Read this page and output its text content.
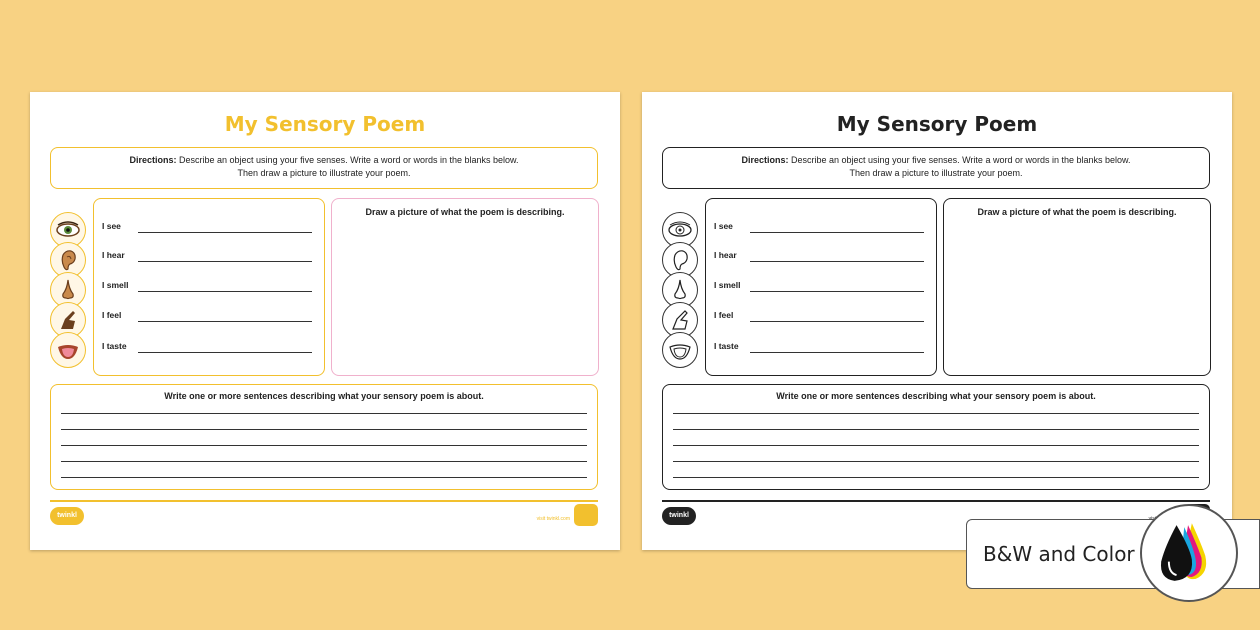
My Sensory Poem
Directions: Describe an object using your five senses. Write a word or words in the blanks below.
Then draw a picture to illustrate your poem.
I see
I hear
I smell
I feel
I taste
Draw a picture of what the poem is describing.
Write one or more sentences describing what your sensory poem is about.
twinkl	visit twinkl.com
My Sensory Poem
Directions: Describe an object using your five senses. Write a word or words in the blanks below.
Then draw a picture to illustrate your poem.
I see
I hear
I smell
I feel
I taste
Draw a picture of what the poem is describing.
Write one or more sentences describing what your sensory poem is about.
twinkl
B&W and Color
